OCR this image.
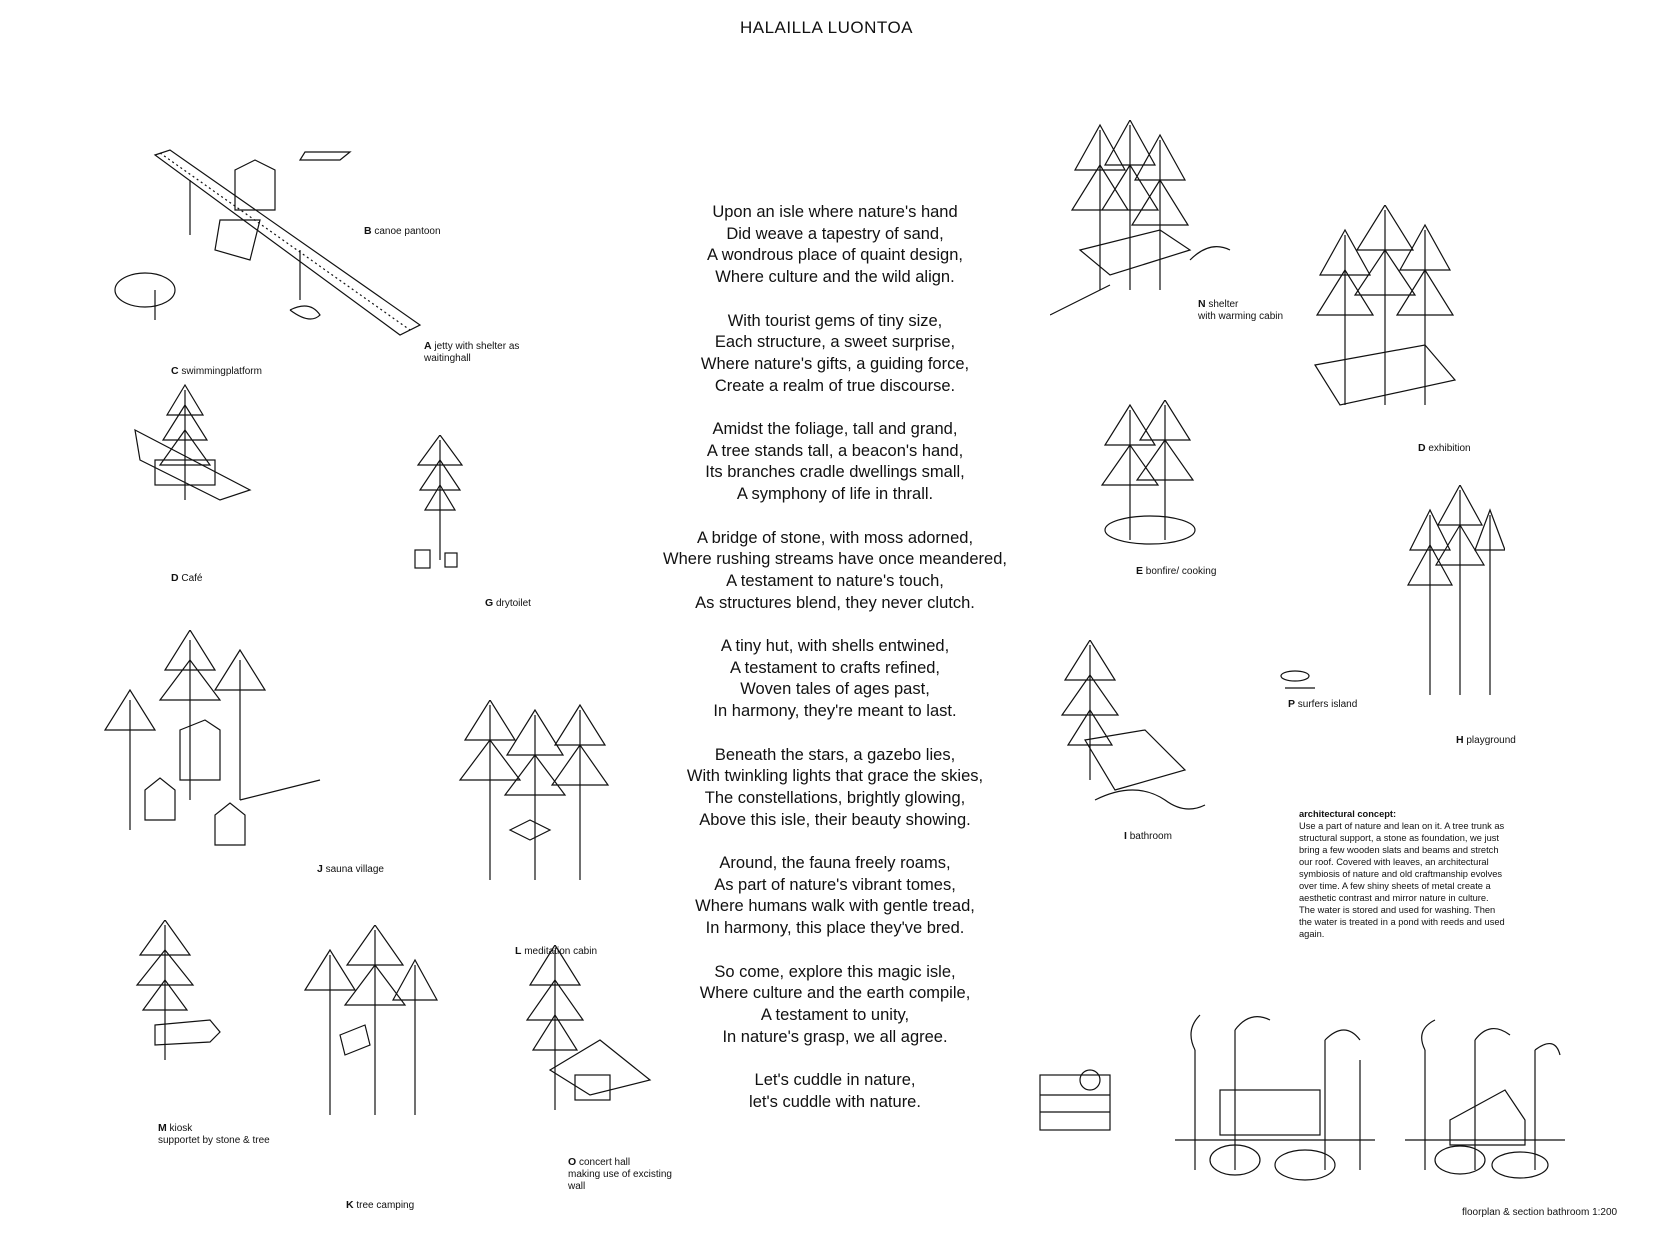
HALAILLA LUONTOA
Upon an isle where nature's hand
Did weave a tapestry of sand,
A wondrous place of quaint design,
Where culture and the wild align.
With tourist gems of tiny size,
Each structure, a sweet surprise,
Where nature's gifts, a guiding force,
Create a realm of true discourse.
Amidst the foliage, tall and grand,
A tree stands tall, a beacon's hand,
Its branches cradle dwellings small,
A symphony of life in thrall.
A bridge of stone, with moss adorned,
Where rushing streams have once meandered,
A testament to nature's touch,
As structures blend, they never clutch.
A tiny hut, with shells entwined,
A testament to crafts refined,
Woven tales of ages past,
In harmony, they're meant to last.
Beneath the stars, a gazebo lies,
With twinkling lights that grace the skies,
The constellations, brightly glowing,
Above this isle, their beauty showing.
Around, the fauna freely roams,
As part of nature's vibrant tomes,
Where humans walk with gentle tread,
In harmony, this place they've bred.
So come, explore this magic isle,
Where culture and the earth compile,
A testament to unity,
In nature's grasp, we all agree.
Let's cuddle in nature,
let's cuddle with nature.
B canoe pantoon
A jetty with shelter as
waitinghall
C swimmingplatform
D Café
G drytoilet
J sauna village
L meditation cabin
M kiosk
supportet by stone & tree
K tree camping
O concert hall
making use of excisting
wall
N shelter
with warming cabin
D exhibition
E bonfire/ cooking
P surfers island
H playground
I bathroom
floorplan & section bathroom 1:200
architectural concept:
Use a part of nature and lean on it. A tree trunk as
structural support, a stone as foundation, we just
bring a few wooden slats and beams and stretch
our roof. Covered with leaves, an architectural
symbiosis of nature and old craftmanship evolves
over time. A few shiny sheets of metal create a
aesthetic contrast and mirror nature in culture.
The water is stored and used for washing. Then
the water is treated in a pond with reeds and used
again.
